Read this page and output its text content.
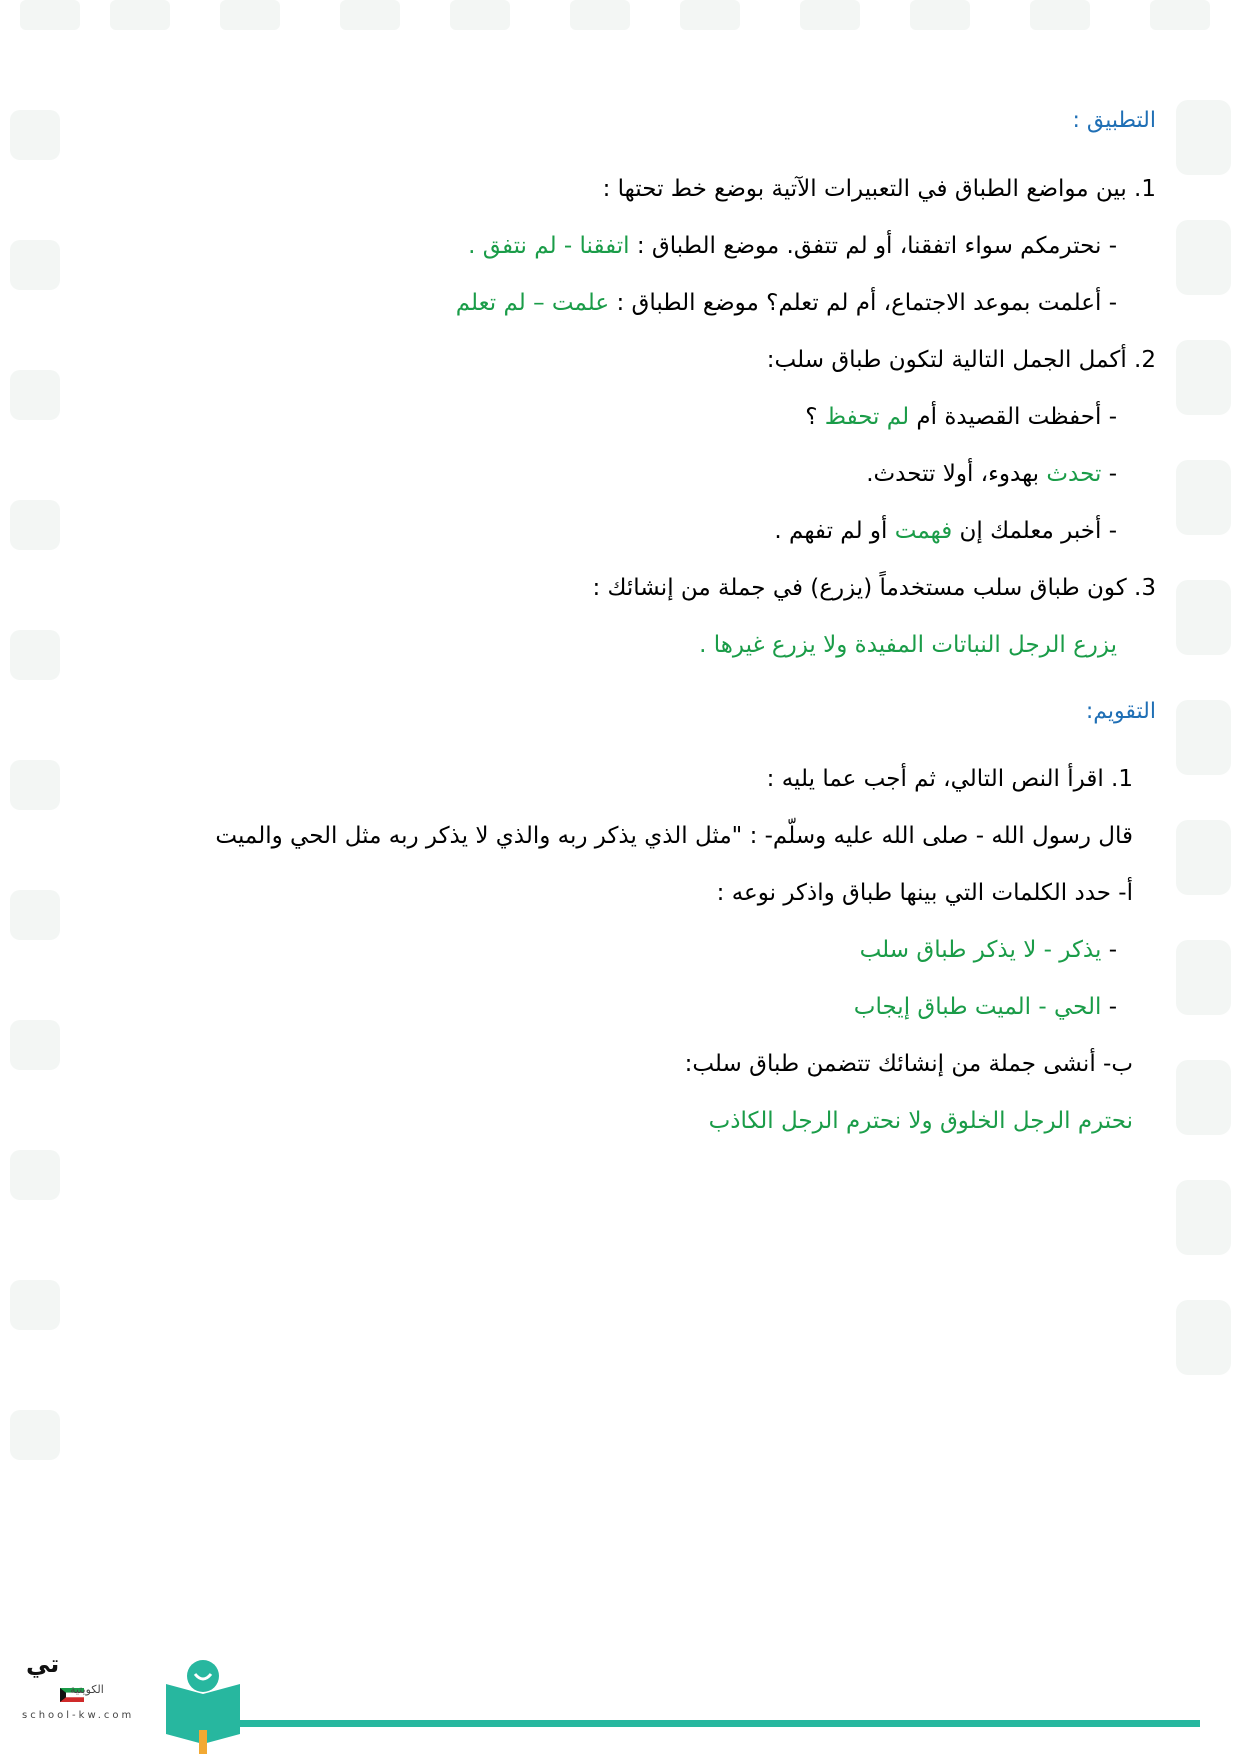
التطبيق :
1. بين مواضع الطباق في التعبيرات الآتية بوضع خط تحتها :
- نحترمكم سواء اتفقنا، أو لم تتفق. موضع الطباق : اتفقنا - لم نتفق .
- أعلمت بموعد الاجتماع، أم لم تعلم؟ موضع الطباق : علمت – لم تعلم
2. أكمل الجمل التالية لتكون طباق سلب:
- أحفظت القصيدة أم لم تحفظ ؟
- تحدث بهدوء، أولا تتحدث.
- أخبر معلمك إن فهمت أو لم تفهم .
3. كون طباق سلب مستخدماً (يزرع) في جملة من إنشائك :
يزرع الرجل النباتات المفيدة ولا يزرع غيرها .
التقويم:
1. اقرأ النص التالي، ثم أجب عما يليه :
قال رسول الله - صلى الله عليه وسلّم- : "مثل الذي يذكر ربه والذي لا يذكر ربه مثل الحي والميت
أ- حدد الكلمات التي بينها طباق واذكر نوعه :
- يذكر - لا يذكر طباق سلب
- الحي - الميت طباق إيجاب
ب- أنشى جملة من إنشائك تتضمن طباق سلب:
نحترم الرجل الخلوق ولا نحترم الرجل الكاذب
تي
الكويتية
school-kw.com
